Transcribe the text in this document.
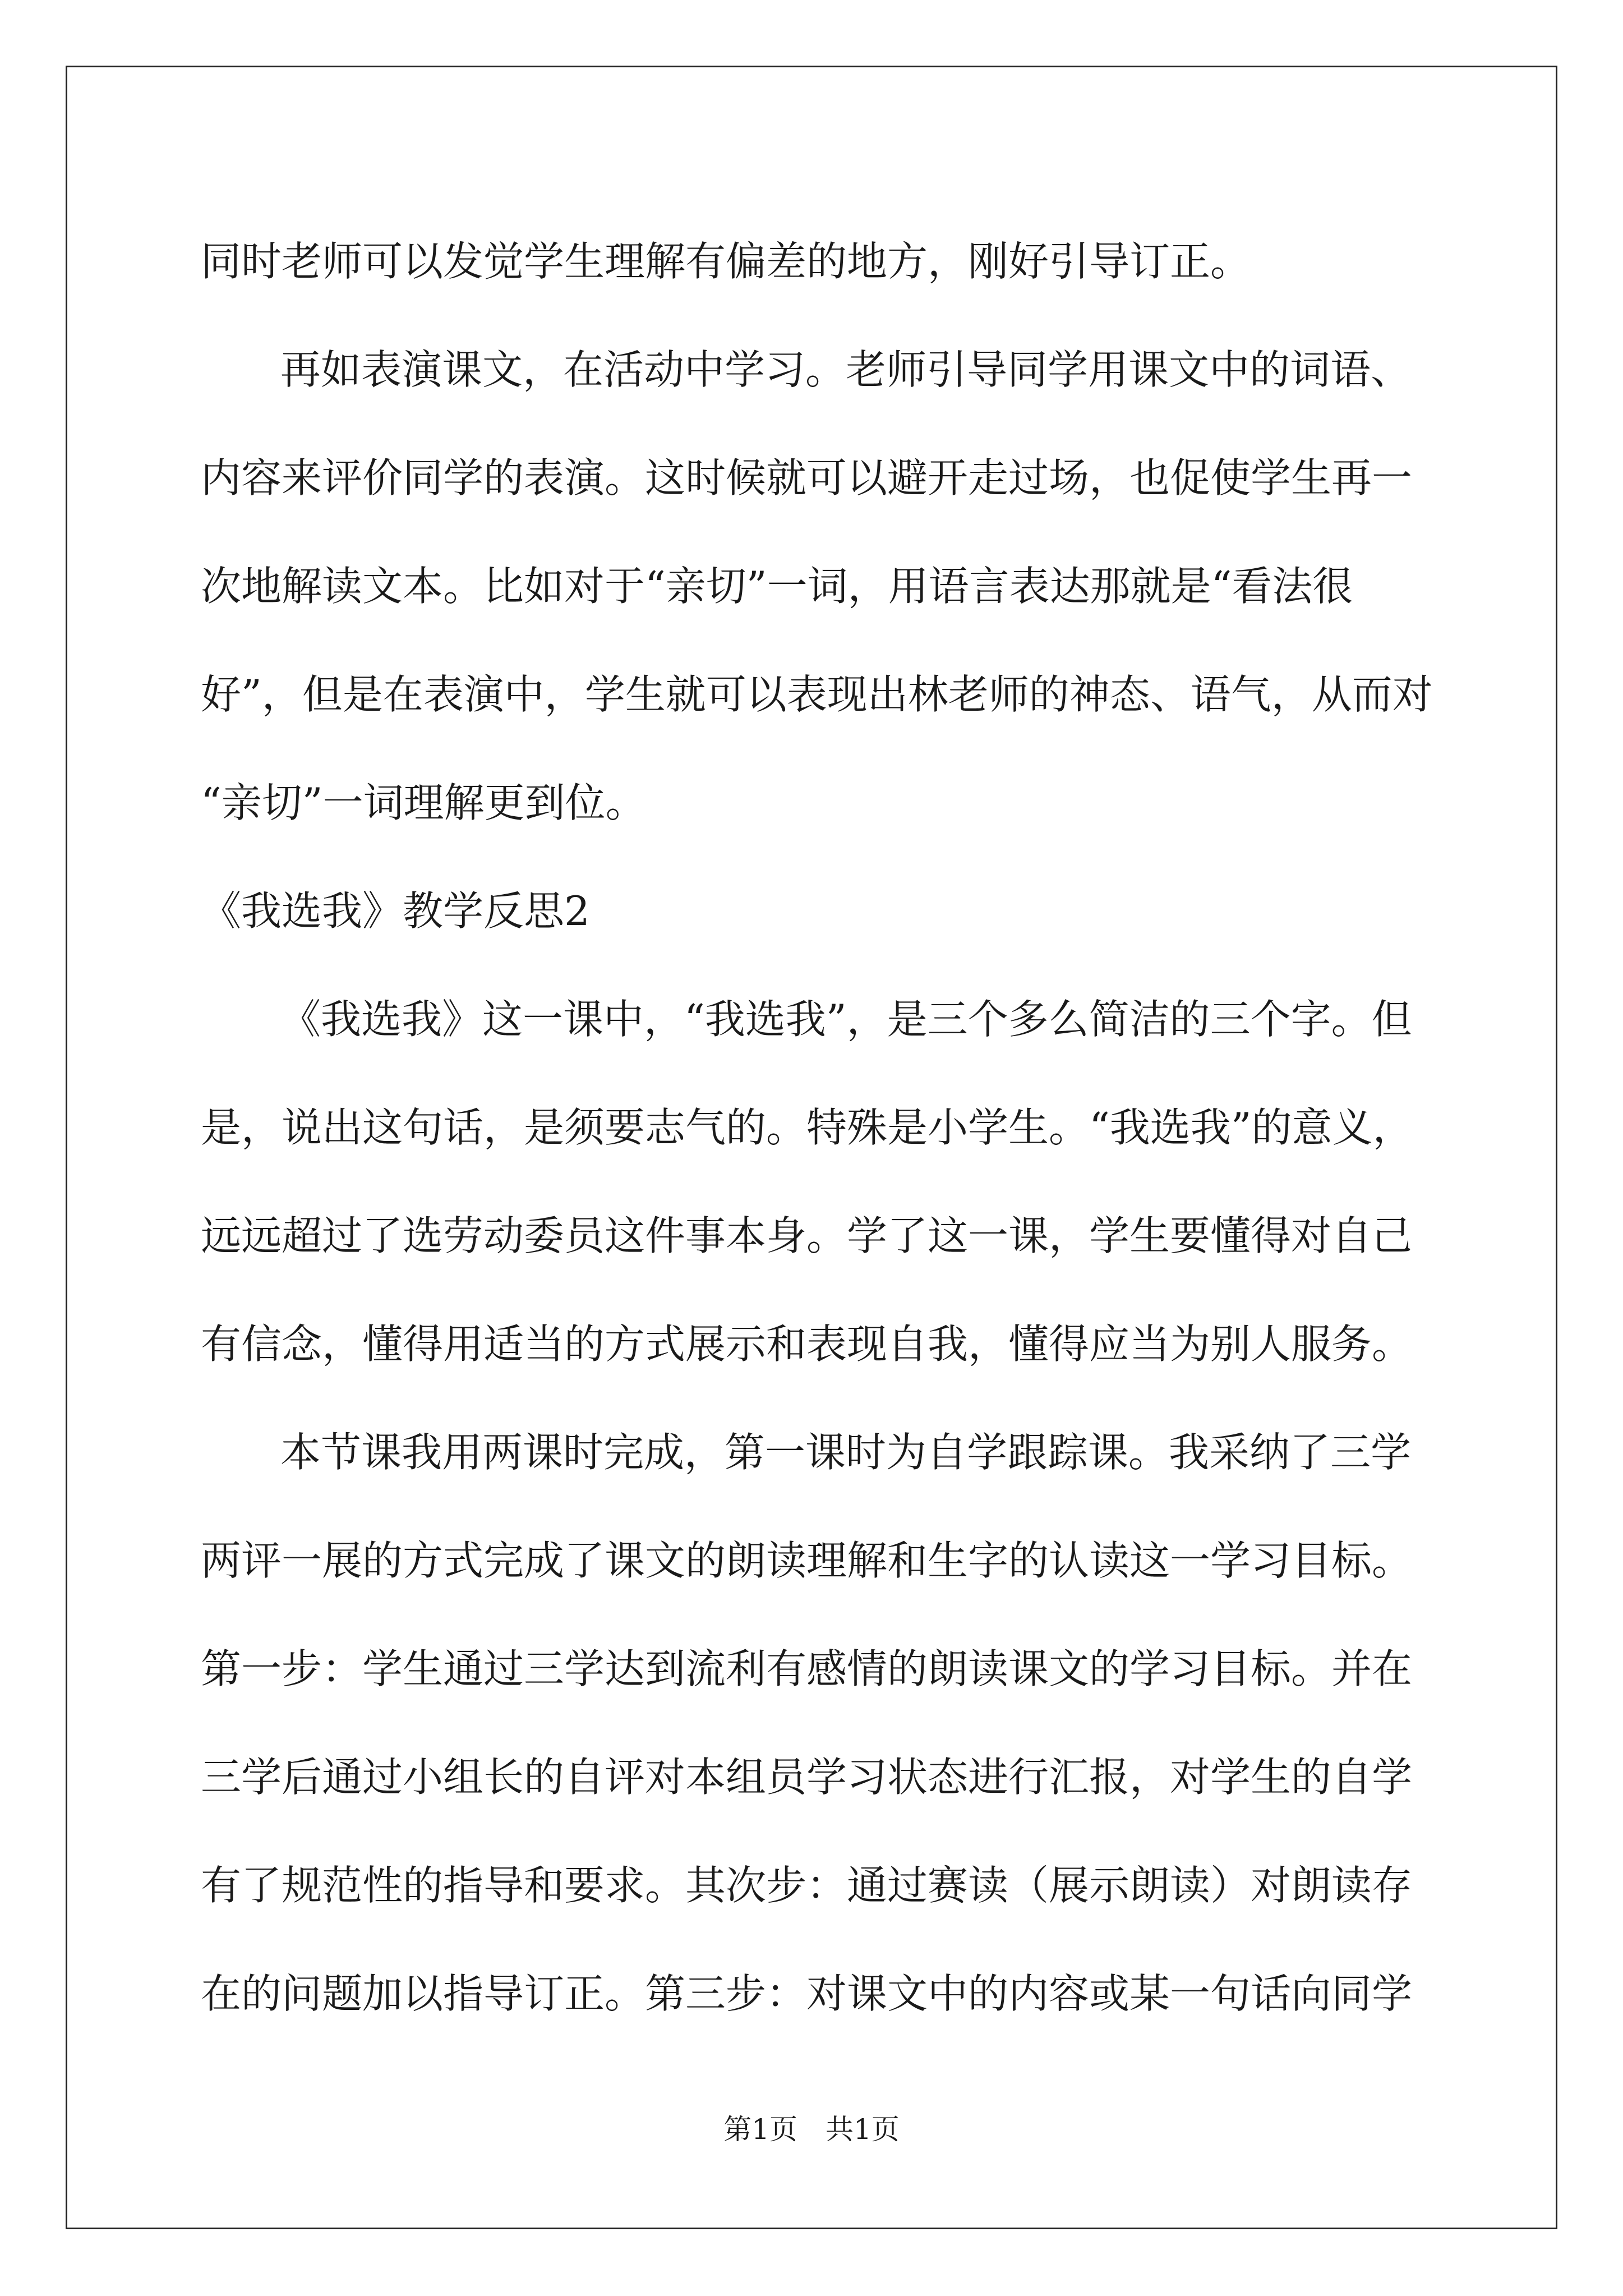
同时老师可以发觉学生理解有偏差的地方，刚好引导订正。
再如表演课文，在活动中学习。老师引导同学用课文中的词语、
内容来评价同学的表演。这时候就可以避开走过场，也促使学生再一
次地解读文本。比如对于“亲切”一词，用语言表达那就是“看法很
好”，但是在表演中，学生就可以表现出林老师的神态、语气，从而对
“亲切”一词理解更到位。
《我选我》教学反思2
《我选我》这一课中，“我选我”，是三个多么简洁的三个字。但
是，说出这句话，是须要志气的。特殊是小学生。“我选我”的意义，
远远超过了选劳动委员这件事本身。学了这一课，学生要懂得对自己
有信念，懂得用适当的方式展示和表现自我，懂得应当为别人服务。
本节课我用两课时完成，第一课时为自学跟踪课。我采纳了三学
两评一展的方式完成了课文的朗读理解和生字的认读这一学习目标。
第一步：学生通过三学达到流利有感情的朗读课文的学习目标。并在
三学后通过小组长的自评对本组员学习状态进行汇报，对学生的自学
有了规范性的指导和要求。其次步：通过赛读（展示朗读）对朗读存
在的问题加以指导订正。第三步：对课文中的内容或某一句话向同学
第1页 共1页
